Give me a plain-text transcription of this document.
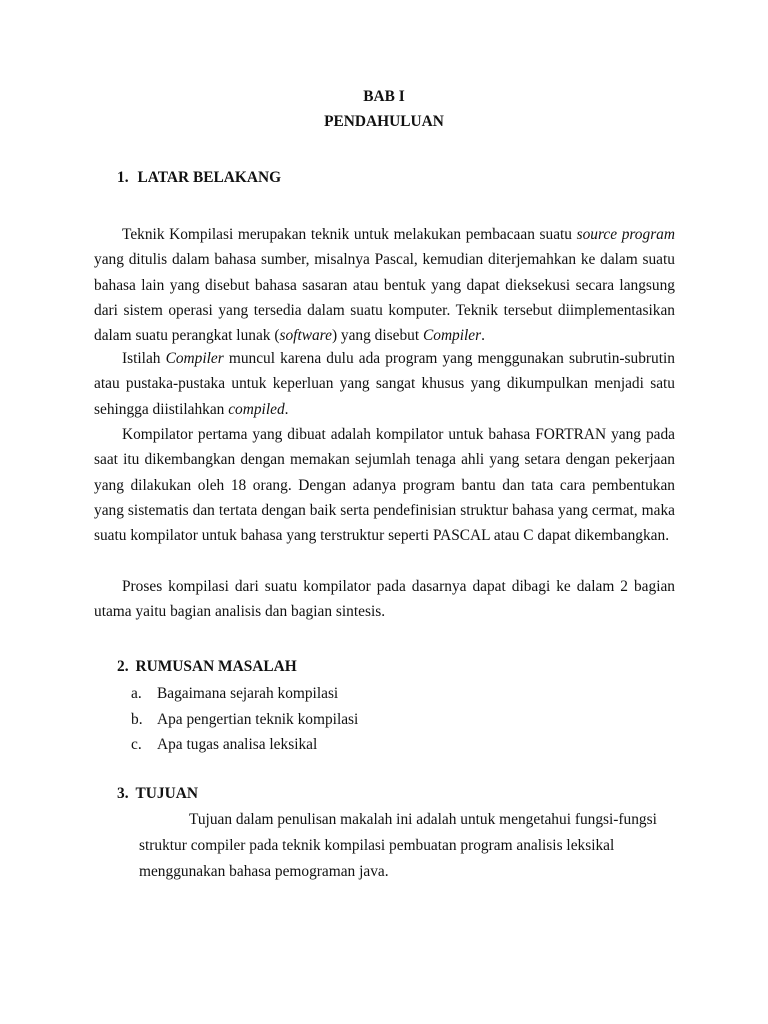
BAB I
PENDAHULUAN
1. LATAR BELAKANG
Teknik Kompilasi merupakan teknik untuk melakukan pembacaan suatu source program yang ditulis dalam bahasa sumber, misalnya Pascal, kemudian diterjemahkan ke dalam suatu bahasa lain yang disebut bahasa sasaran atau bentuk yang dapat dieksekusi secara langsung dari sistem operasi yang tersedia dalam suatu komputer. Teknik tersebut diimplementasikan dalam suatu perangkat lunak (software) yang disebut Compiler.
Istilah Compiler muncul karena dulu ada program yang menggunakan subrutin-subrutin atau pustaka-pustaka untuk keperluan yang sangat khusus yang dikumpulkan menjadi satu sehingga diistilahkan compiled.
Kompilator pertama yang dibuat adalah kompilator untuk bahasa FORTRAN yang pada saat itu dikembangkan dengan memakan sejumlah tenaga ahli yang setara dengan pekerjaan yang dilakukan oleh 18 orang. Dengan adanya program bantu dan tata cara pembentukan yang sistematis dan tertata dengan baik serta pendefinisian struktur bahasa yang cermat, maka suatu kompilator untuk bahasa yang terstruktur seperti PASCAL atau C dapat dikembangkan.
Proses kompilasi dari suatu kompilator pada dasarnya dapat dibagi ke dalam 2 bagian utama yaitu bagian analisis dan bagian sintesis.
2. RUMUSAN MASALAH
a. Bagaimana sejarah kompilasi
b. Apa pengertian teknik kompilasi
c. Apa tugas analisa leksikal
3. TUJUAN
Tujuan dalam penulisan makalah ini adalah untuk mengetahui fungsi-fungsi struktur compiler pada teknik kompilasi pembuatan program analisis leksikal menggunakan bahasa pemograman java.
